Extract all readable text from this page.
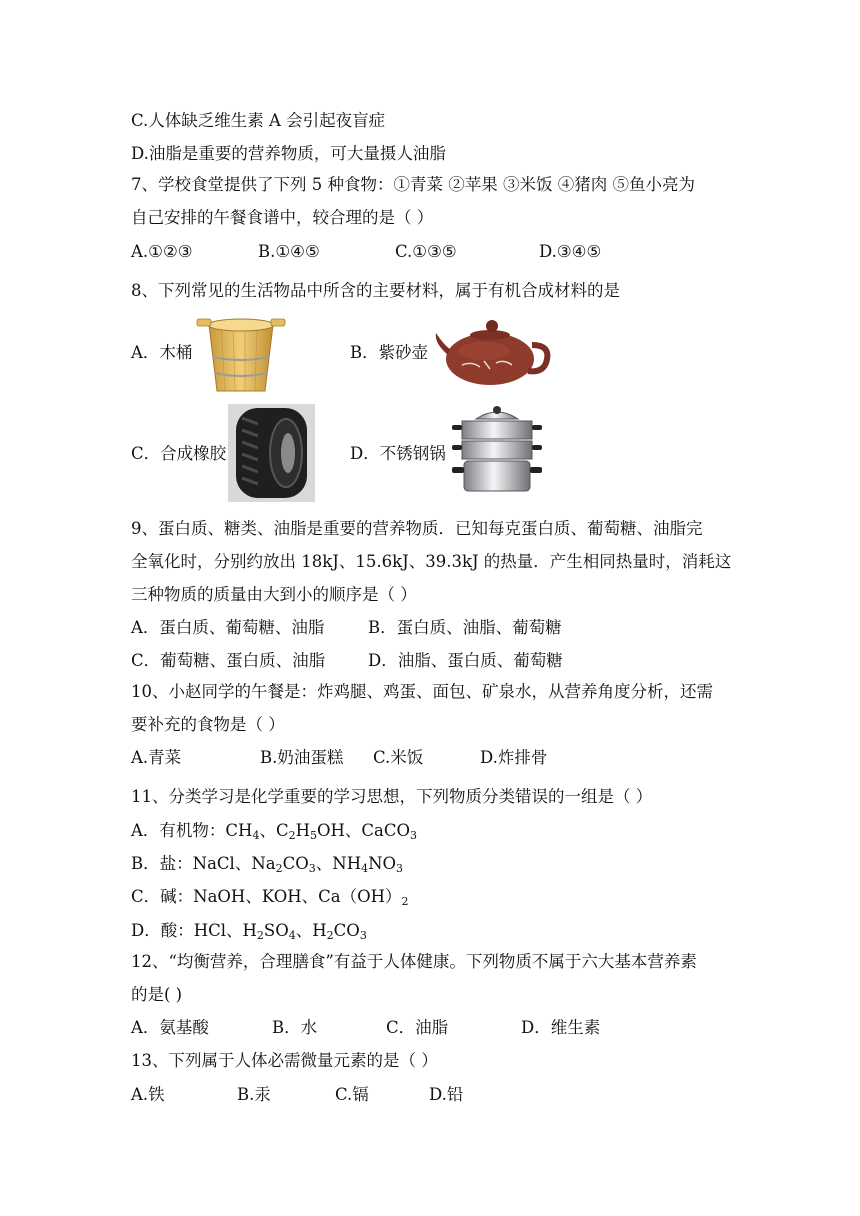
C.人体缺乏维生素 A 会引起夜盲症
D.油脂是重要的营养物质，可大量摄人油脂
7、学校食堂提供了下列 5 种食物：①青菜 ②苹果 ③米饭 ④猪肉 ⑤鱼小亮为
自己安排的午餐食谱中，较合理的是（ ）
A.①②③	B.①④⑤	C.①③⑤	D.③④⑤
8、下列常见的生活物品中所含的主要材料，属于有机合成材料的是
A．木桶	B．紫砂壶
C．合成橡胶	D．不锈钢锅
9、蛋白质、糖类、油脂是重要的营养物质．已知每克蛋白质、葡萄糖、油脂完
全氧化时，分别约放出 18kJ、15.6kJ、39.3kJ 的热量．产生相同热量时，消耗这
三种物质的质量由大到小的顺序是（ ）
A．蛋白质、葡萄糖、油脂	B．蛋白质、油脂、葡萄糖
C．葡萄糖、蛋白质、油脂	D．油脂、蛋白质、葡萄糖
10、小赵同学的午餐是：炸鸡腿、鸡蛋、面包、矿泉水，从营养角度分析，还需
要补充的食物是（ ）
A.青菜	B.奶油蛋糕 C.米饭	D.炸排骨
11、分类学习是化学重要的学习思想，下列物质分类错误的一组是（ ）
A．有机物：$CH_4$、$C_2H_5OH$、CaCO$_3$
B．盐：NaCl、$Na_2CO_3$、$NH_4NO_3$
C．碱：NaOH、KOH、$Ca(OH)_2$
D．酸：HCl、$H_2SO_4$、$H_2CO_3$
12、“均衡营养，合理膳食”有益于人体健康。下列物质不属于六大基本营养素
的是( )
A．氨基酸	B．水	C．油脂	D．维生素
13、下列属于人体必需微量元素的是（ ）
A.铁	B.汞	C.镉	D.铅
